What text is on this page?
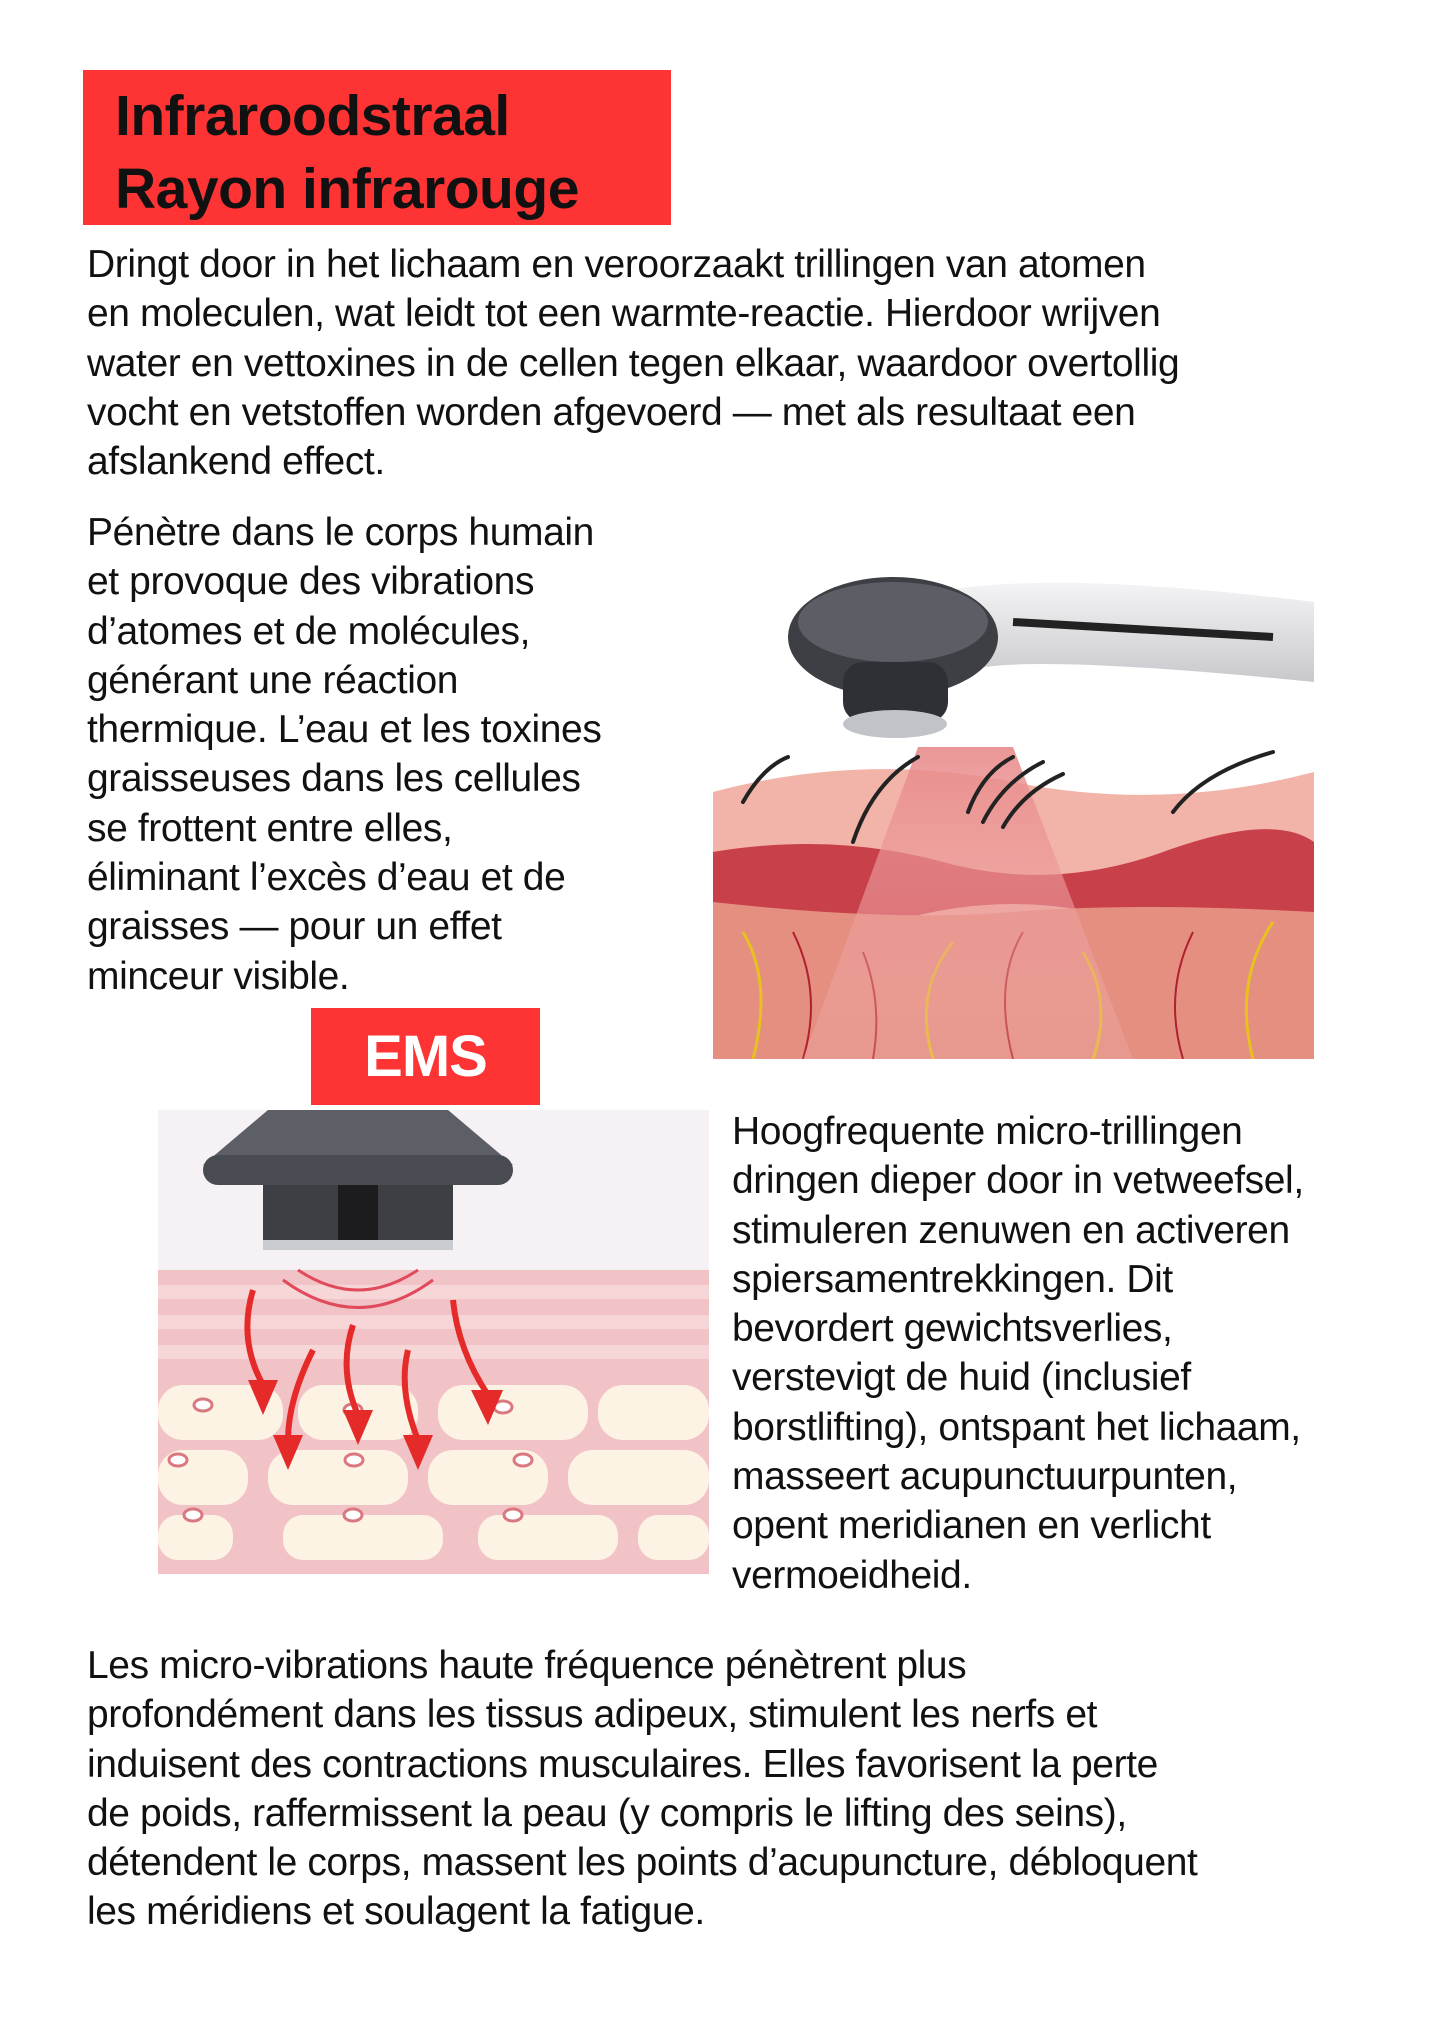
Infraroodstraal
Rayon infrarouge
Dringt door in het lichaam en veroorzaakt trillingen van atomen
en moleculen, wat leidt tot een warmte-reactie. Hierdoor wrijven
water en vettoxines in de cellen tegen elkaar, waardoor overtollig
vocht en vetstoffen worden afgevoerd — met als resultaat een
afslankend effect.
Pénètre dans le corps humain
et provoque des vibrations
d’atomes et de molécules,
générant une réaction
thermique. L’eau et les toxines
graisseuses dans les cellules
se frottent entre elles,
éliminant l’excès d’eau et de
graisses — pour un effet
minceur visible.
EMS
Hoogfrequente micro-trillingen
dringen dieper door in vetweefsel,
stimuleren zenuwen en activeren
spiersamentrekkingen. Dit
bevordert gewichtsverlies,
verstevigt de huid (inclusief
borstlifting), ontspant het lichaam,
masseert acupunctuurpunten,
opent meridianen en verlicht
vermoeidheid.
Les micro-vibrations haute fréquence pénètrent plus
profondément dans les tissus adipeux, stimulent les nerfs et
induisent des contractions musculaires. Elles favorisent la perte
de poids, raffermissent la peau (y compris le lifting des seins),
détendent le corps, massent les points d’acupuncture, débloquent
les méridiens et soulagent la fatigue.
